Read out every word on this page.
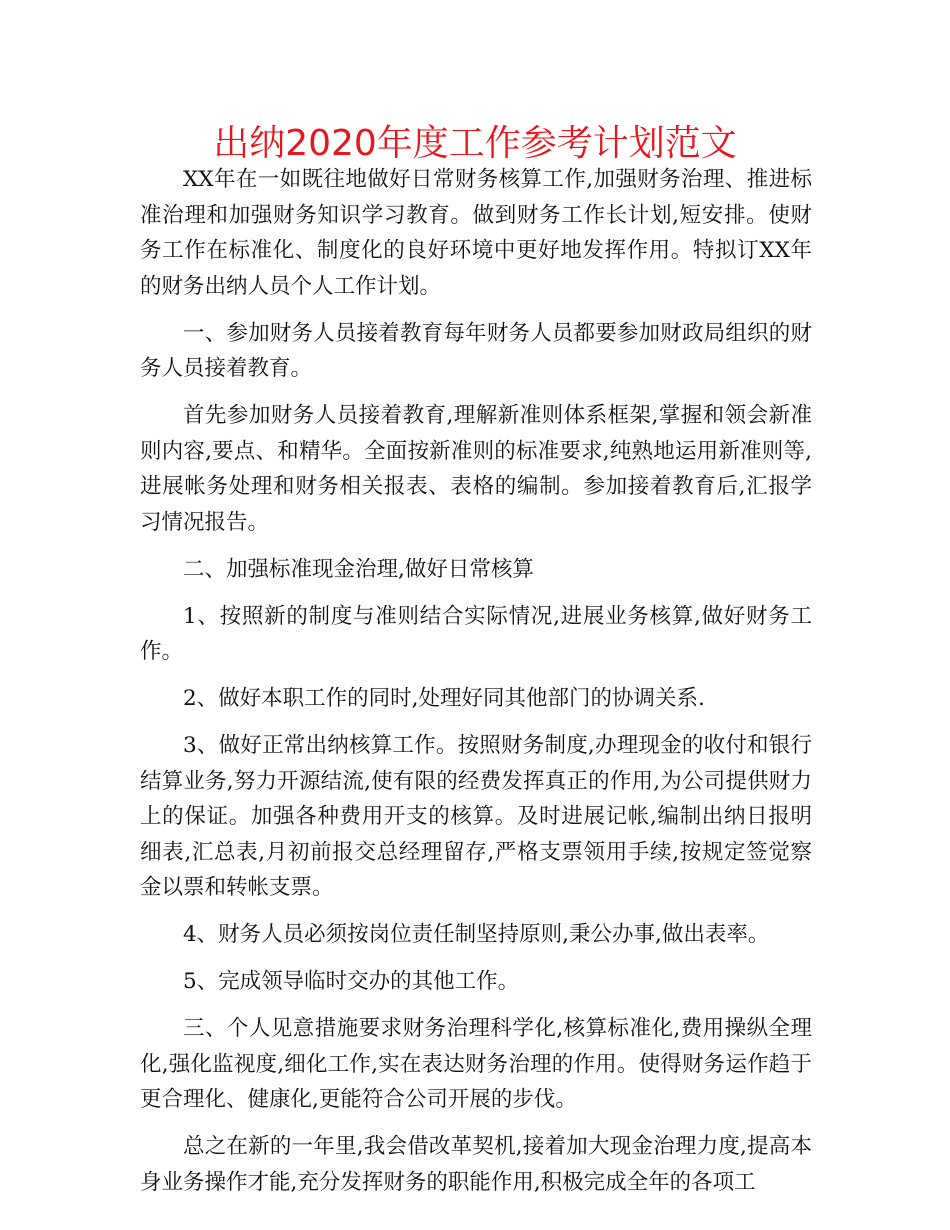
出纳2020年度工作参考计划范文

XX年在一如既往地做好日常财务核算工作,加强财务治理、推进标准治理和加强财务知识学习教育。做到财务工作长计划,短安排。使财务工作在标准化、制度化的良好环境中更好地发挥作用。特拟订XX年的财务出纳人员个人工作计划。

一、参加财务人员接着教育每年财务人员都要参加财政局组织的财务人员接着教育。

首先参加财务人员接着教育,理解新准则体系框架,掌握和领会新准则内容,要点、和精华。全面按新准则的标准要求,纯熟地运用新准则等,进展帐务处理和财务相关报表、表格的编制。参加接着教育后,汇报学习情况报告。

二、加强标准现金治理,做好日常核算

1、按照新的制度与准则结合实际情况,进展业务核算,做好财务工作。

2、做好本职工作的同时,处理好同其他部门的协调关系.

3、做好正常出纳核算工作。按照财务制度,办理现金的收付和银行结算业务,努力开源结流,使有限的经费发挥真正的作用,为公司提供财力上的保证。加强各种费用开支的核算。及时进展记帐,编制出纳日报明细表,汇总表,月初前报交总经理留存,严格支票领用手续,按规定签觉察金以票和转帐支票。

4、财务人员必须按岗位责任制坚持原则,秉公办事,做出表率。

5、完成领导临时交办的其他工作。

三、个人见意措施要求财务治理科学化,核算标准化,费用操纵全理化,强化监视度,细化工作,实在表达财务治理的作用。使得财务运作趋于更合理化、健康化,更能符合公司开展的步伐。

总之在新的一年里,我会借改革契机,接着加大现金治理力度,提高本身业务操作才能,充分发挥财务的职能作用,积极完成全年的各项工
